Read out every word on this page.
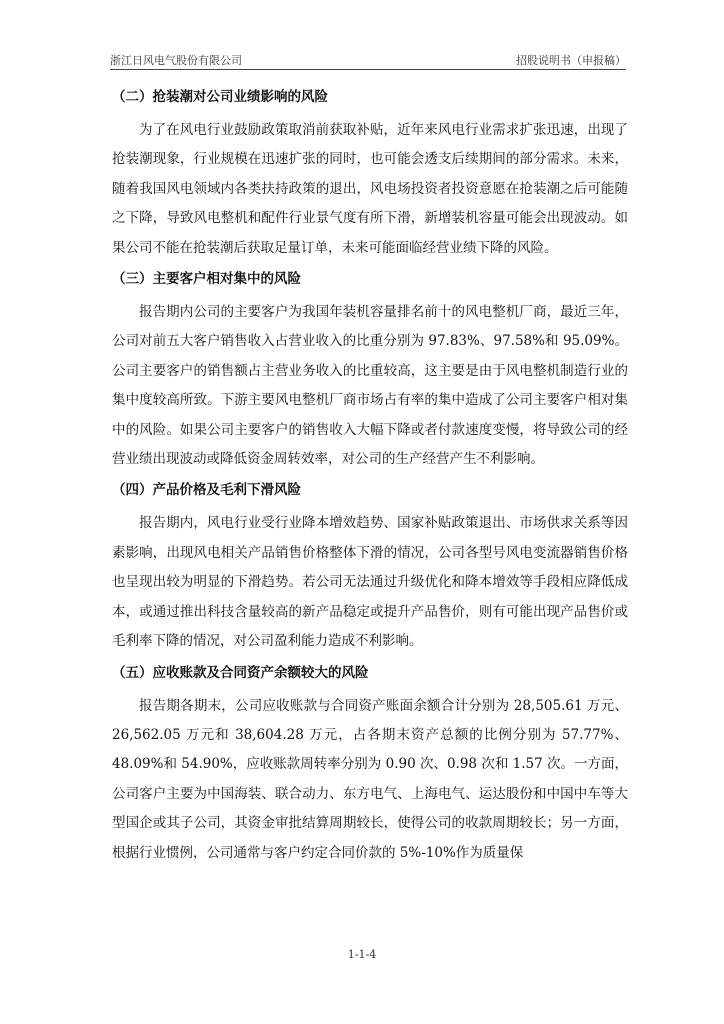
浙江日风电气股份有限公司	招股说明书（申报稿）
（二）抢装潮对公司业绩影响的风险

为了在风电行业鼓励政策取消前获取补贴，近年来风电行业需求扩张迅速，出现了抢装潮现象，行业规模在迅速扩张的同时，也可能会透支后续期间的部分需求。未来，随着我国风电领域内各类扶持政策的退出，风电场投资者投资意愿在抢装潮之后可能随之下降，导致风电整机和配件行业景气度有所下滑，新增装机容量可能会出现波动。如果公司不能在抢装潮后获取足量订单，未来可能面临经营业绩下降的风险。

（三）主要客户相对集中的风险

报告期内公司的主要客户为我国年装机容量排名前十的风电整机厂商，最近三年，公司对前五大客户销售收入占营业收入的比重分别为 97.83%、97.58%和 95.09%。公司主要客户的销售额占主营业务收入的比重较高，这主要是由于风电整机制造行业的集中度较高所致。下游主要风电整机厂商市场占有率的集中造成了公司主要客户相对集中的风险。如果公司主要客户的销售收入大幅下降或者付款速度变慢，将导致公司的经营业绩出现波动或降低资金周转效率，对公司的生产经营产生不利影响。

（四）产品价格及毛利下滑风险

报告期内，风电行业受行业降本增效趋势、国家补贴政策退出、市场供求关系等因素影响，出现风电相关产品销售价格整体下滑的情况，公司各型号风电变流器销售价格也呈现出较为明显的下滑趋势。若公司无法通过升级优化和降本增效等手段相应降低成本，或通过推出科技含量较高的新产品稳定或提升产品售价，则有可能出现产品售价或毛利率下降的情况，对公司盈利能力造成不利影响。

（五）应收账款及合同资产余额较大的风险

报告期各期末，公司应收账款与合同资产账面余额合计分别为 28,505.61 万元、26,562.05 万元和 38,604.28 万元，占各期末资产总额的比例分别为 57.77%、48.09%和 54.90%，应收账款周转率分别为 0.90 次、0.98 次和 1.57 次。一方面，公司客户主要为中国海装、联合动力、东方电气、上海电气、运达股份和中国中车等大型国企或其子公司，其资金审批结算周期较长，使得公司的收款周期较长；另一方面，根据行业惯例，公司通常与客户约定合同价款的 5%-10%作为质量保

1-1-4
